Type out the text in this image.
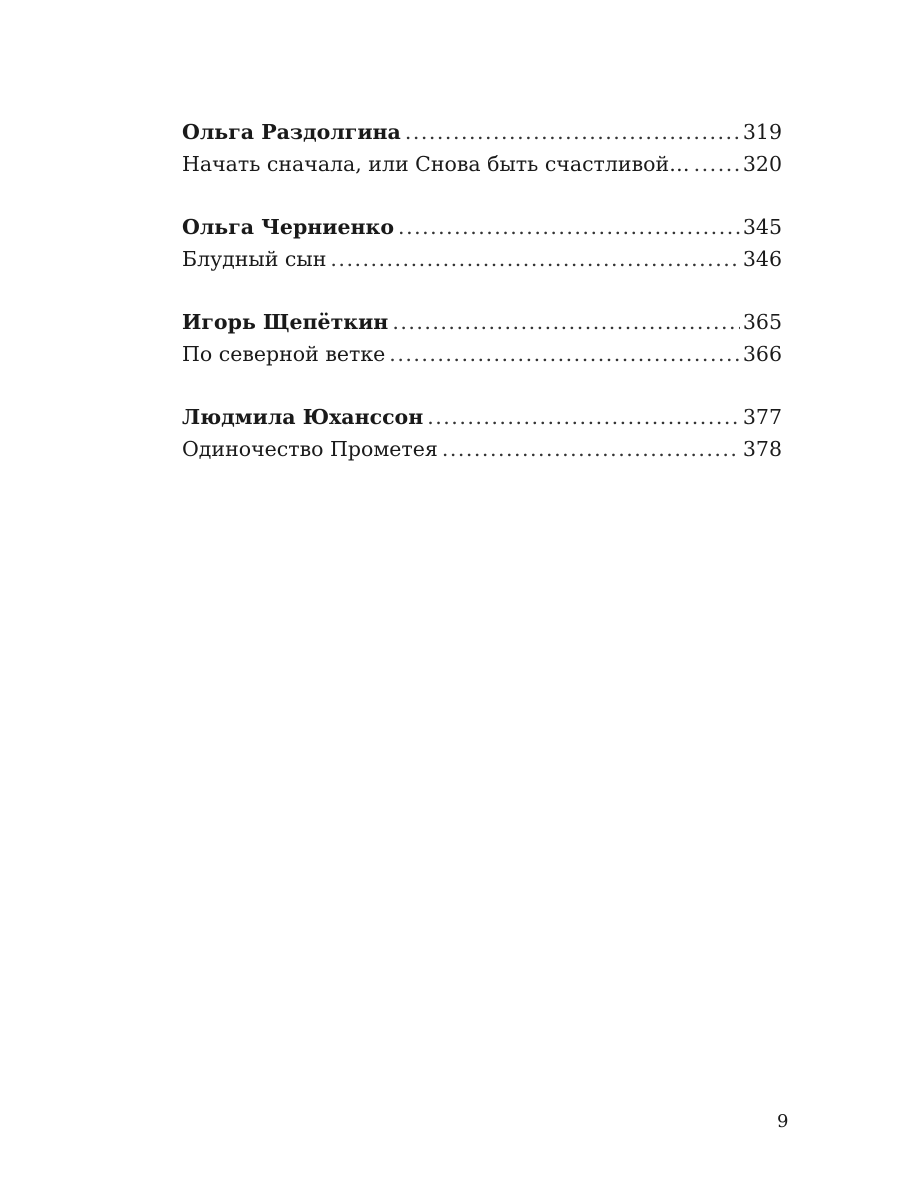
Ольга Раздолгина .....	319
Начать сначала, или Снова быть счастливой… .....	320
Ольга Черниенко .....	345
Блудный сын .....	346
Игорь Щепёткин .....	365
По северной ветке .....	366
Людмила Юханссон .....	377
Одиночество Прометея .....	378
9
